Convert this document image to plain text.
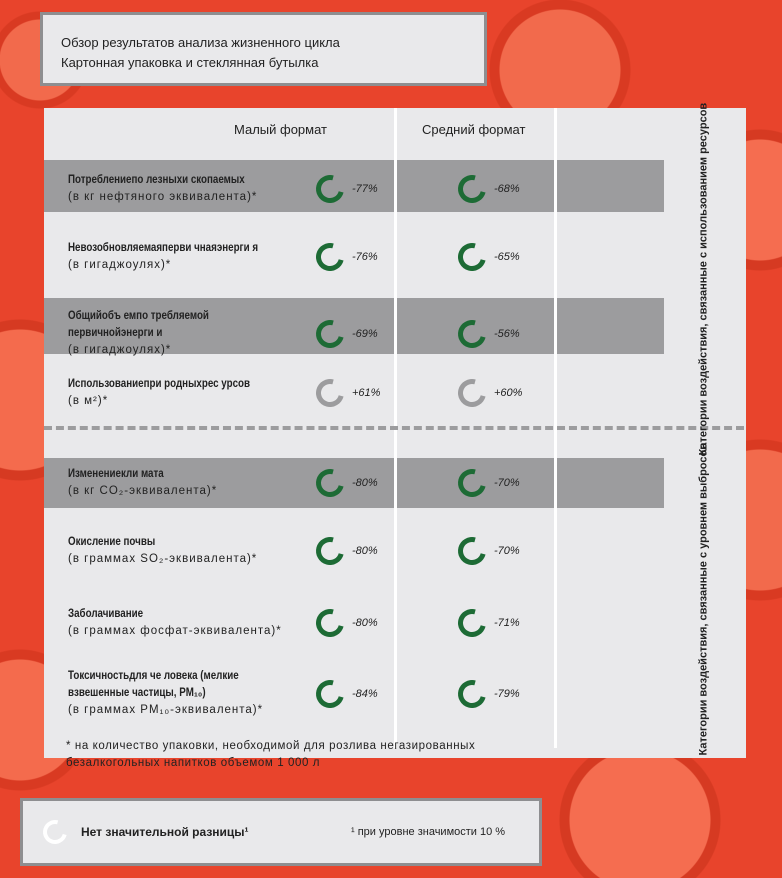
Обзор результатов анализа жизненного цикла
Картонная упаковка и стеклянная бутылка
Малый формат	Средний формат
Потреблениепо лезныхи скопаемых
(в кг нефтяного эквивалента)*
-77%	-68%
Невозобновляемаяперви чнаяэнерги я
(в гигаджоулях)*
-76%	-65%
Общийобъ емпо требляемой первичнойэнерги и
(в гигаджоулях)*
-69%	-56%
Использованиепри родныхрес урсов
(в м²)*
+61%	+60%
Изменениекли мата
(в кг CO₂-эквивалента)*
-80%	-70%
Окисление почвы
(в граммах SO₂-эквивалента)*
-80%	-70%
Заболачивание
(в граммах фосфат-эквивалента)*
-80%	-71%
Токсичностьдля че ловека (мелкие взвешенные частицы, PM₁₀)
(в граммах PM₁₀-эквивалента)*
-84%	-79%
Категории воздействия, связанные с использованием ресурсов
Категории воздействия, связанные с уровнем выбросов
* на количество упаковки, необходимой для розлива негазированных безалкогольных напитков объемом 1 000 л
Нет значительной разницы¹	¹ при уровне значимости 10 %
